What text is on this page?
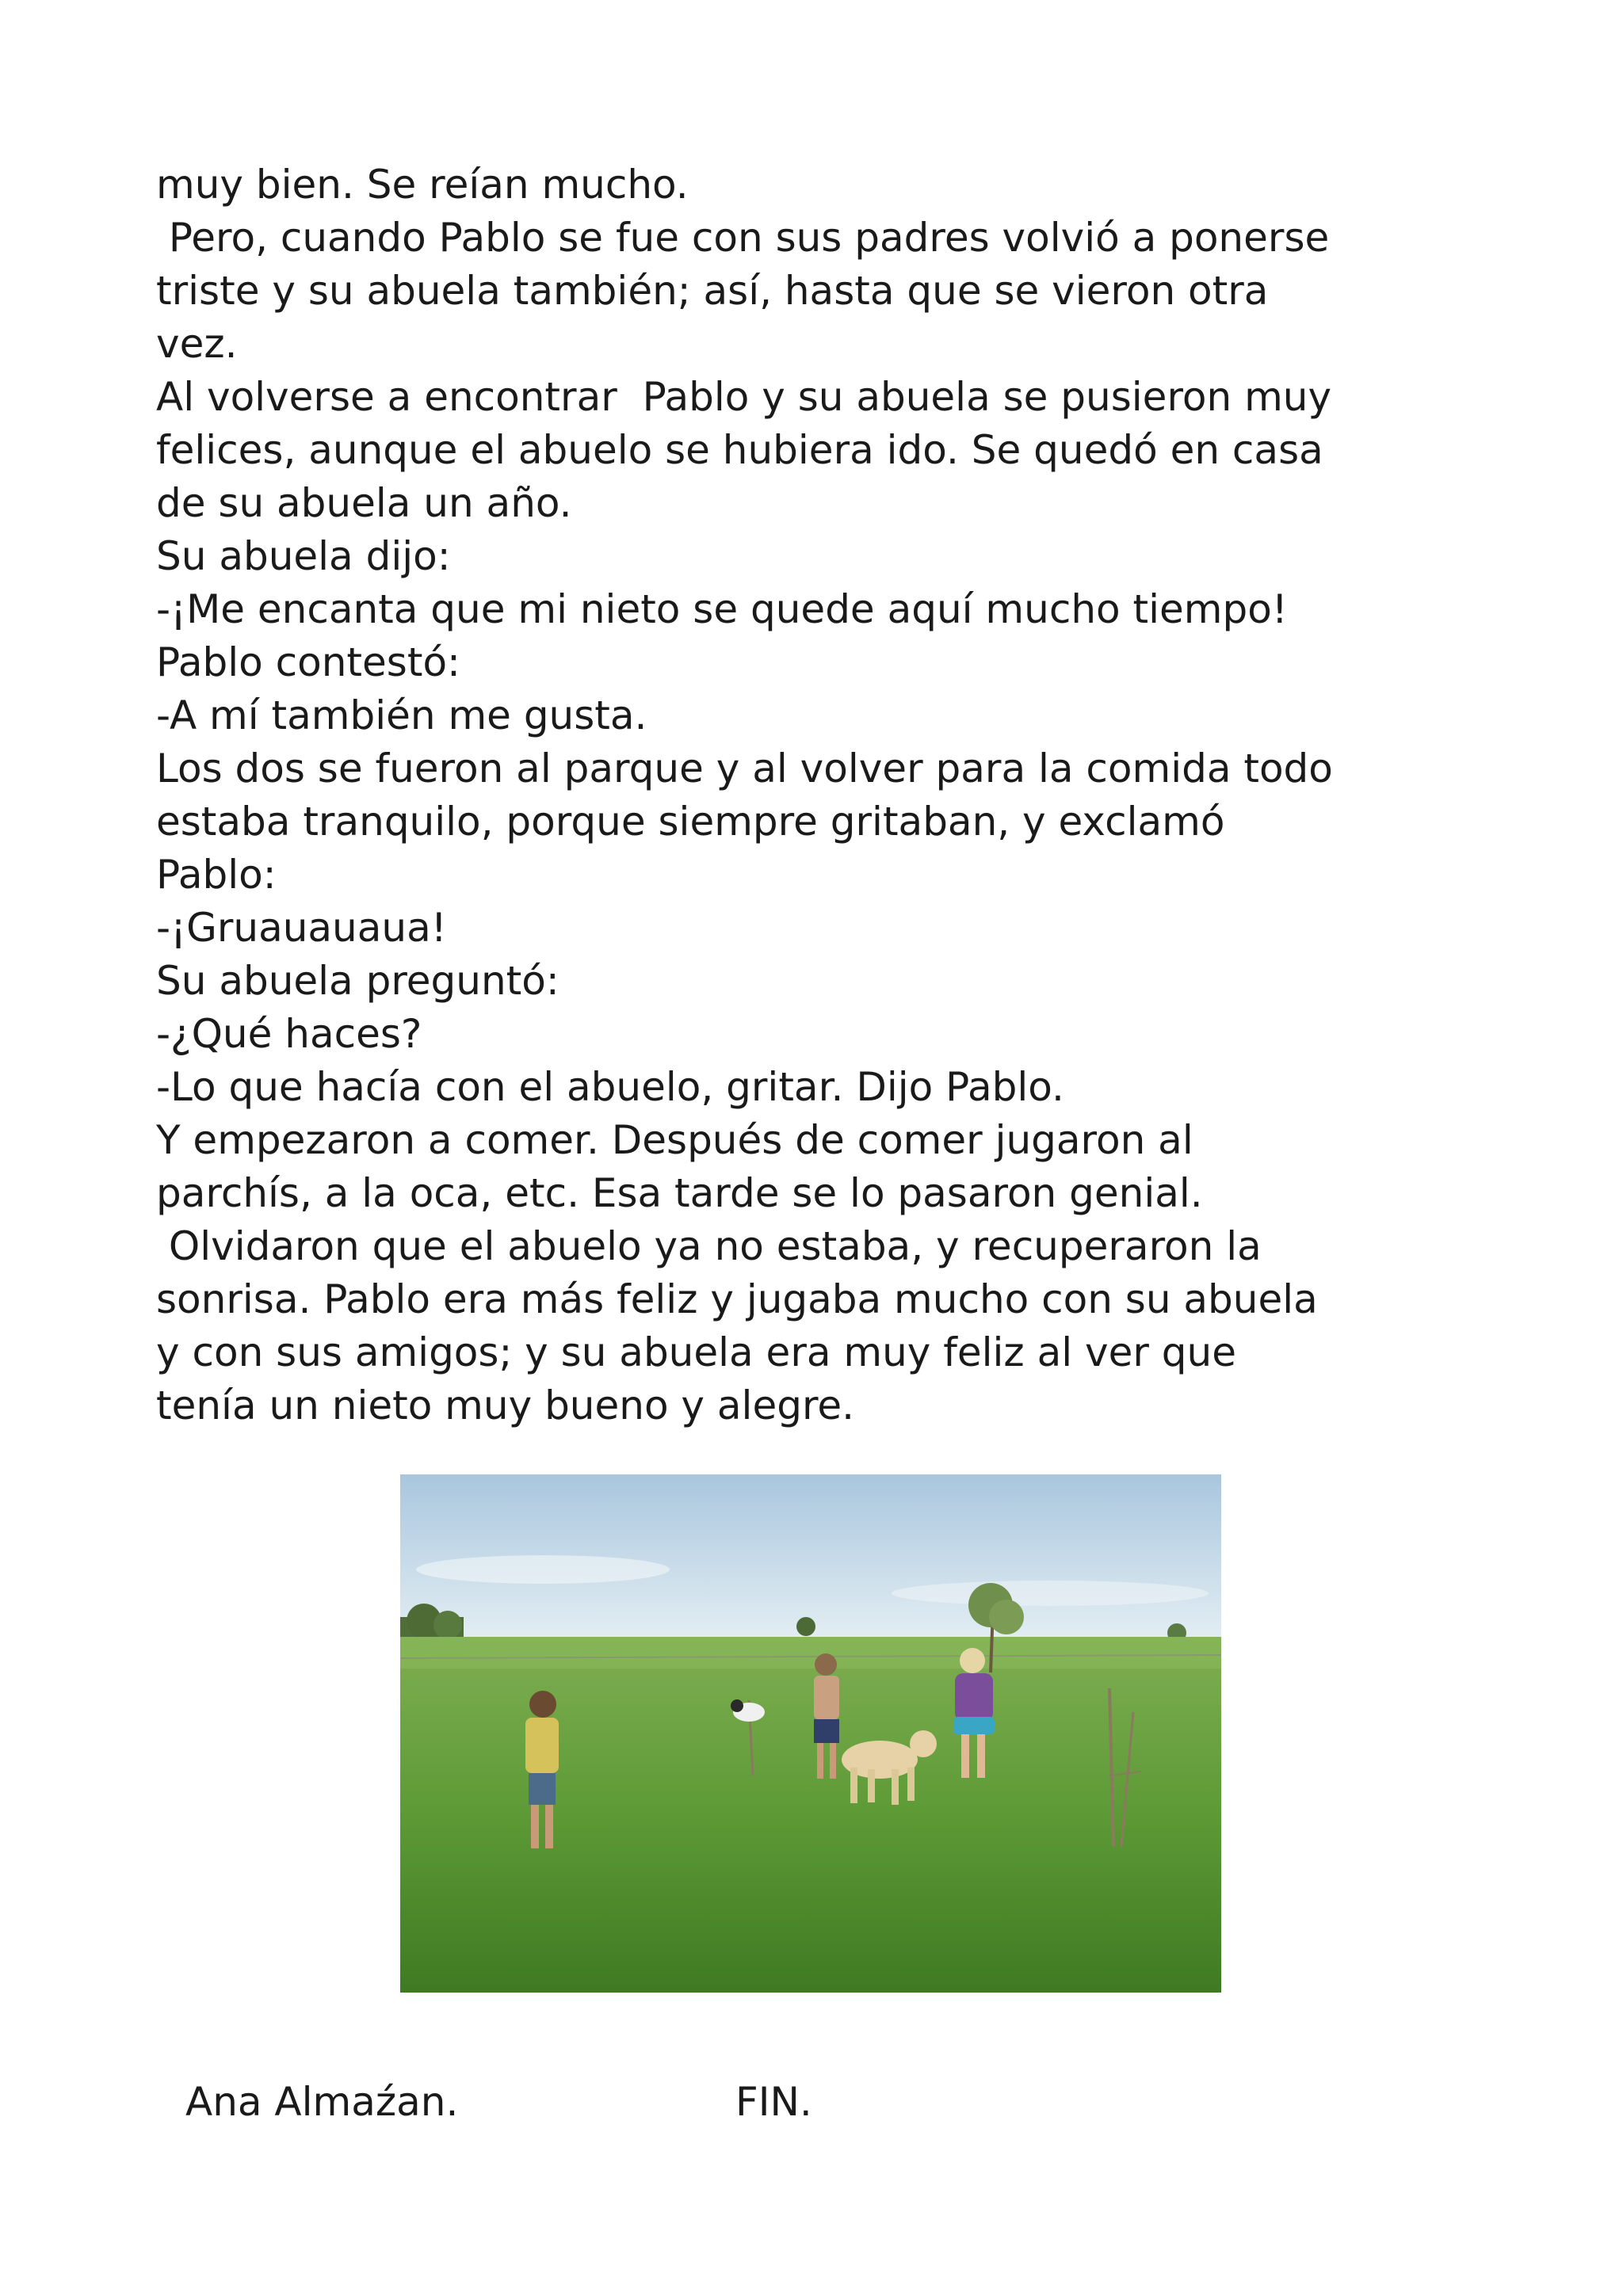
muy bien. Se reían mucho.
Pero, cuando Pablo se fue con sus padres volvió a ponerse
triste y su abuela también; así, hasta que se vieron otra
vez.
Al volverse a encontrar  Pablo y su abuela se pusieron muy
felices, aunque el abuelo se hubiera ido. Se quedó en casa
de su abuela un año.
Su abuela dijo:
-¡Me encanta que mi nieto se quede aquí mucho tiempo!
Pablo contestó:
-A mí también me gusta.
Los dos se fueron al parque y al volver para la comida todo
estaba tranquilo, porque siempre gritaban, y exclamó
Pablo:
-¡Gruauauaua!
Su abuela preguntó:
-¿Qué haces?
-Lo que hacía con el abuelo, gritar. Dijo Pablo.
Y empezaron a comer. Después de comer jugaron al
parchís, a la oca, etc. Esa tarde se lo pasaron genial.
Olvidaron que el abuelo ya no estaba, y recuperaron la
sonrisa. Pablo era más feliz y jugaba mucho con su abuela
y con sus amigos; y su abuela era muy feliz al ver que
tenía un nieto muy bueno y alegre.
Ana Almaźan.	FIN.
